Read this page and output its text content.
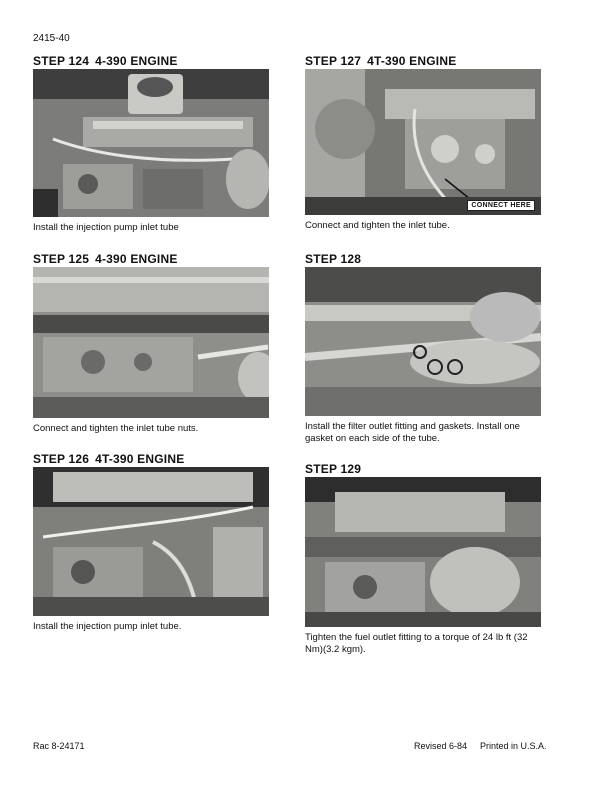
2415-40
STEP 124 4-390 ENGINE
Install the injection pump inlet tube
STEP 125 4-390 ENGINE
Connect and tighten the inlet tube nuts.
STEP 126 4T-390 ENGINE
Install the injection pump inlet tube.
STEP 127 4T-390 ENGINE
CONNECT HERE
Connect and tighten the inlet tube.
STEP 128
Install the filter outlet fitting and gaskets. Install one gasket on each side of the tube.
STEP 129
Tighten the fuel outlet fitting to a torque of 24 lb ft (32 Nm)(3.2 kgm).
Rac 8-24171	Revised 6-84 Printed in U.S.A.
